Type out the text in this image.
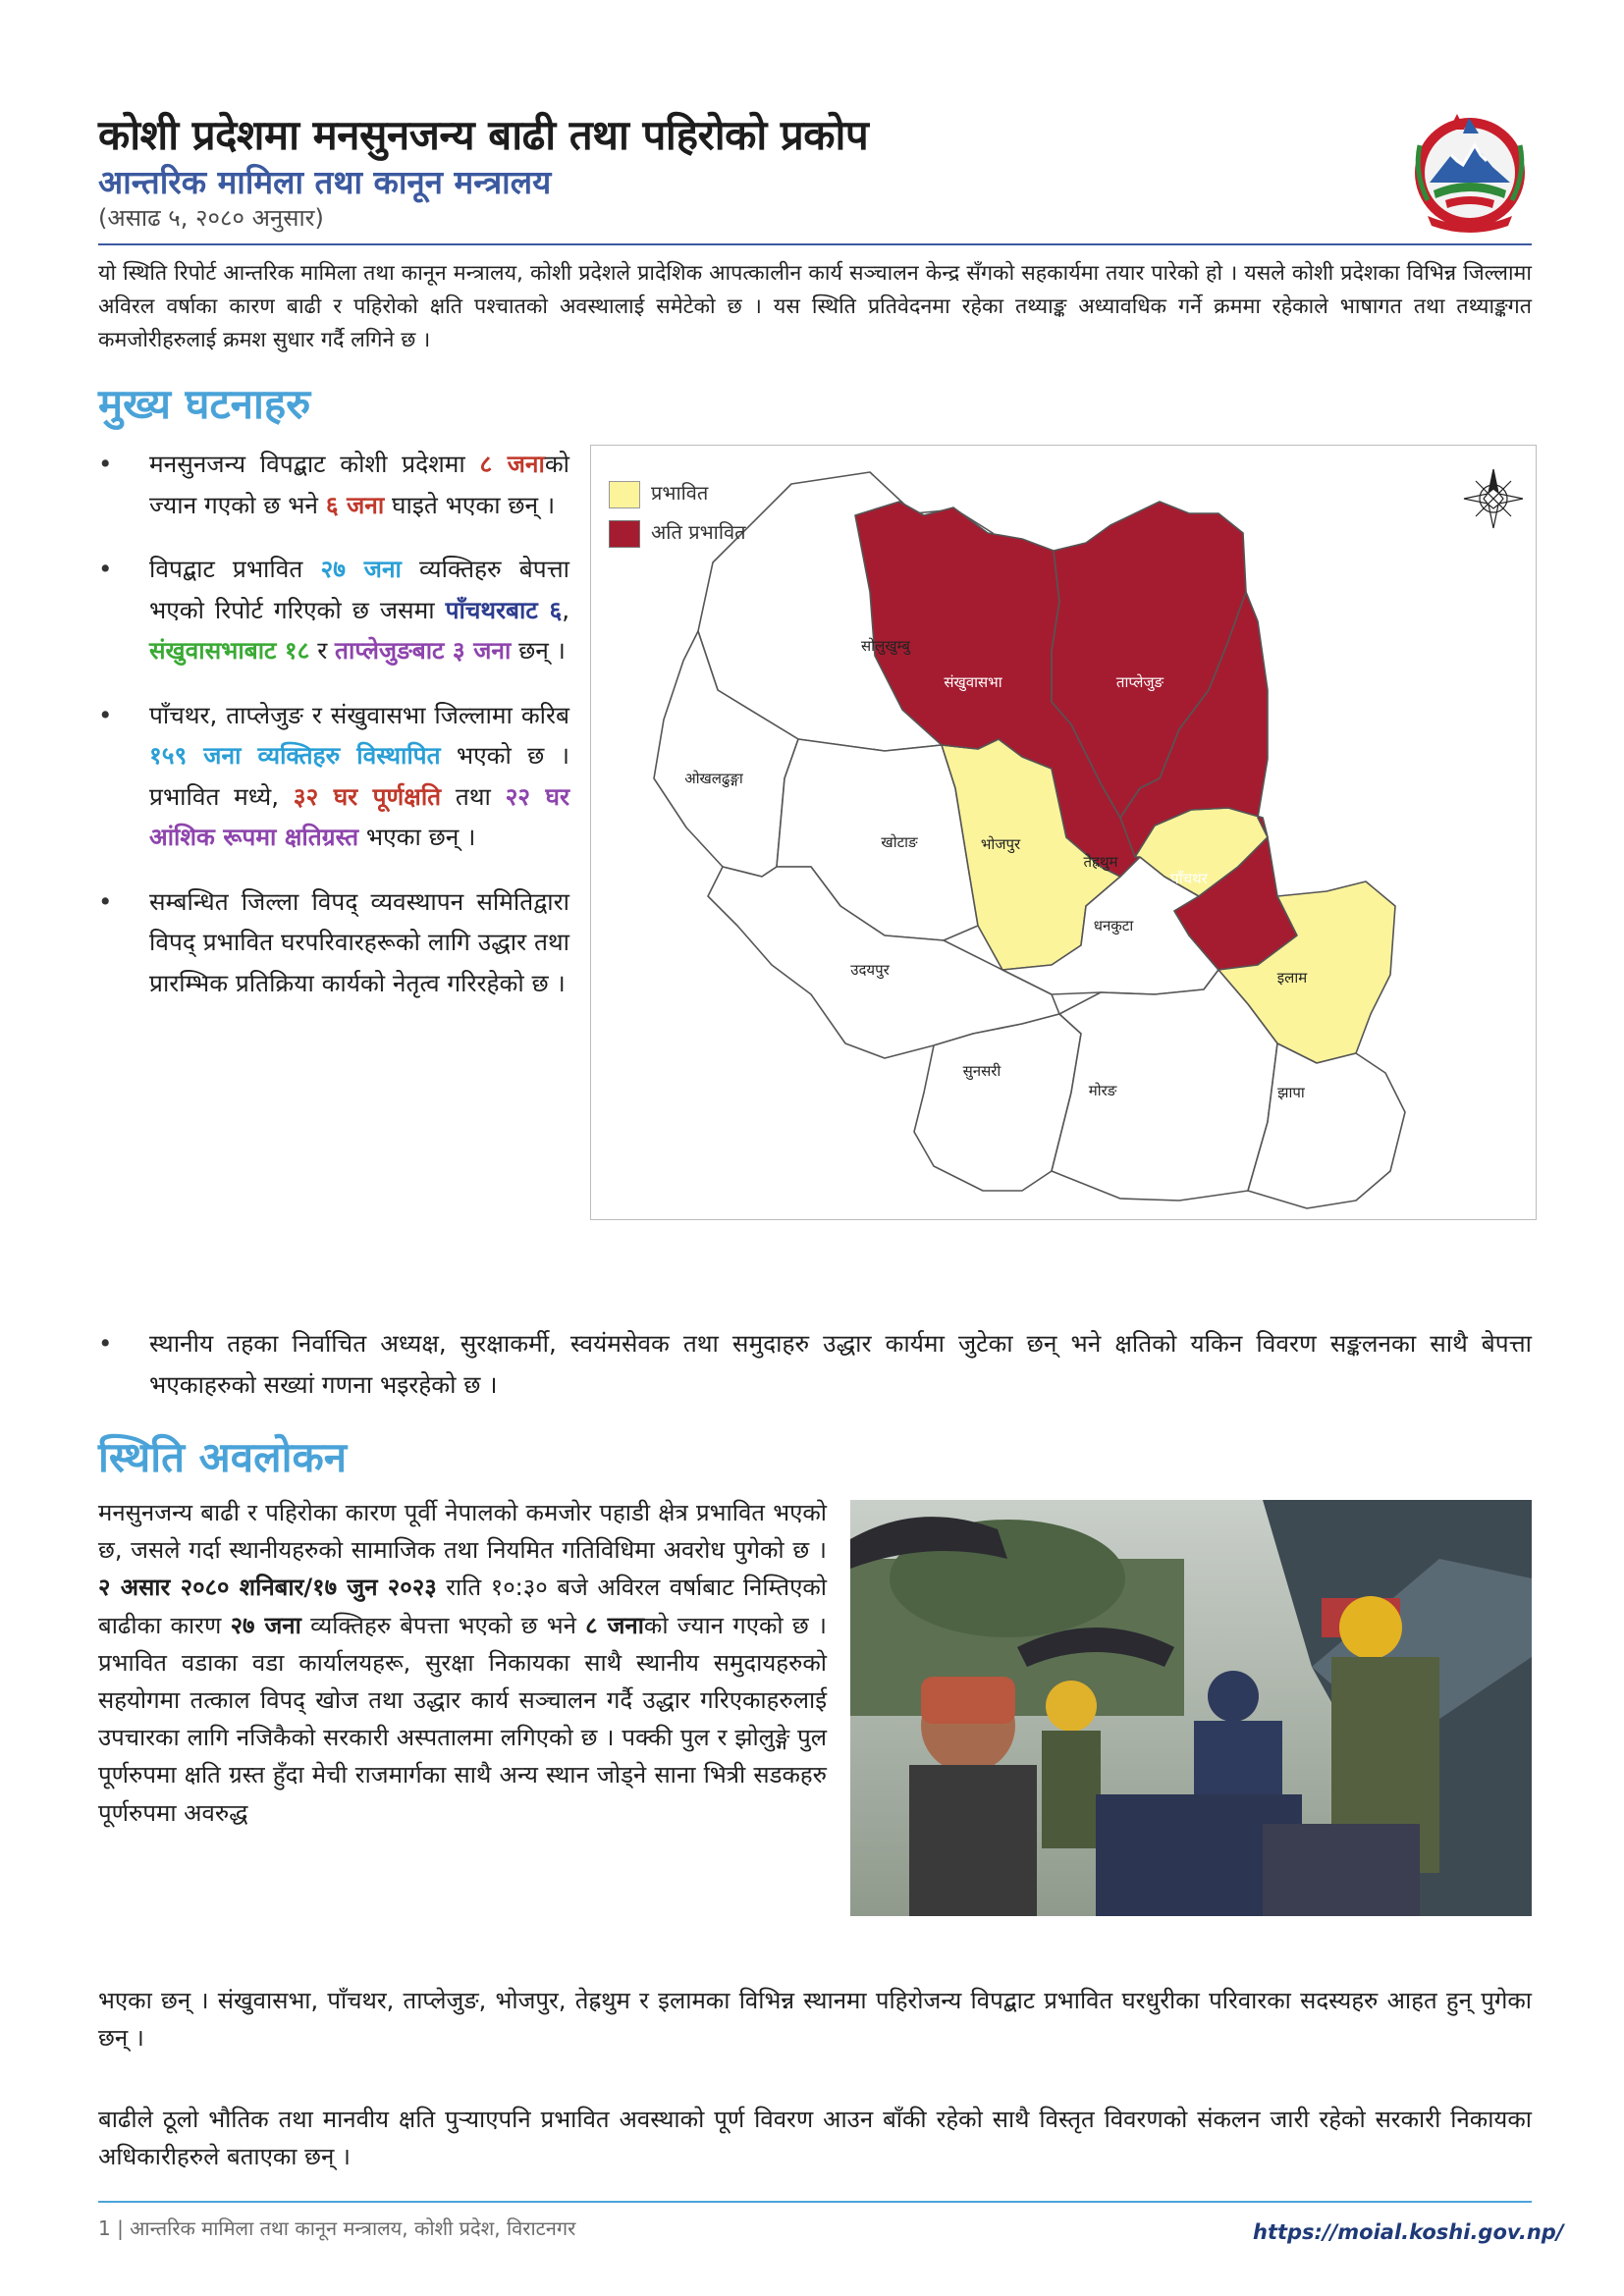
कोशी प्रदेशमा मनसुनजन्य बाढी तथा पहिरोको प्रकोप
आन्तरिक मामिला तथा कानून मन्त्रालय
(असाढ ५, २०८० अनुसार)

यो स्थिति रिपोर्ट आन्तरिक मामिला तथा कानून मन्त्रालय, कोशी प्रदेशले प्रादेशिक आपत्कालीन कार्य सञ्चालन केन्द्र सँगको सहकार्यमा तयार पारेको हो । यसले कोशी प्रदेशका विभिन्न जिल्लामा अविरल वर्षाका कारण बाढी र पहिरोको क्षति पश्चातको अवस्थालाई समेटेको छ । यस स्थिति प्रतिवेदनमा रहेका तथ्याङ्क अध्यावधिक गर्ने क्रममा रहेकाले भाषागत तथा तथ्याङ्कगत कमजोरीहरुलाई क्रमश सुधार गर्दै लगिने छ ।

मुख्य घटनाहरु
• मनसुनजन्य विपद्बाट कोशी प्रदेशमा ८ जनाको ज्यान गएको छ भने ६ जना घाइते भएका छन् ।
• विपद्बाट प्रभावित २७ जना व्यक्तिहरु बेपत्ता भएको रिपोर्ट गरिएको छ जसमा पाँचथरबाट ६, संखुवासभाबाट १८ र ताप्लेजुङबाट ३ जना छन् ।
• पाँचथर, ताप्लेजुङ र संखुवासभा जिल्लामा करिब १५९ जना व्यक्तिहरु विस्थापित भएको छ । प्रभावित मध्ये, ३२ घर पूर्णक्षति तथा २२ घर आंशिक रूपमा क्षतिग्रस्त भएका छन् ।
• सम्बन्धित जिल्ला विपद् व्यवस्थापन समितिद्वारा विपद् प्रभावित घरपरिवारहरूको लागि उद्धार तथा प्रारम्भिक प्रतिक्रिया कार्यको नेतृत्व गरिरहेको छ ।
• स्थानीय तहका निर्वाचित अध्यक्ष, सुरक्षाकर्मी, स्वयंमसेवक तथा समुदाहरु उद्धार कार्यमा जुटेका छन् भने क्षतिको यकिन विवरण सङ्कलनका साथै बेपत्ता भएकाहरुको सख्यां गणना भइरहेको छ ।
सोलुखुम्बु
ओखलढुङ्गा
खोटाङ	भोजपुर
धनकुटा
उदयपुर
तेह्रथुम
इलाम
सुनसरी
मोरङ	झापा
संखुवासभा	ताप्लेजुङ
पाँचथर
प्रभावित
अति प्रभावित
स्थिति अवलोकन

मनसुनजन्य बाढी र पहिरोका कारण पूर्वी नेपालको कमजोर पहाडी क्षेत्र प्रभावित भएको छ, जसले गर्दा स्थानीयहरुको सामाजिक तथा नियमित गतिविधिमा अवरोध पुगेको छ । २ असार २०८० शनिबार/१७ जुन २०२३ राति १०:३० बजे अविरल वर्षाबाट निम्तिएको बाढीका कारण २७ जना व्यक्तिहरु बेपत्ता भएको छ भने ८ जनाको ज्यान गएको छ । प्रभावित वडाका वडा कार्यालयहरू, सुरक्षा निकायका साथै स्थानीय समुदायहरुको सहयोगमा तत्काल विपद् खोज तथा उद्धार कार्य सञ्चालन गर्दै उद्धार गरिएकाहरुलाई उपचारका लागि नजिकैको सरकारी अस्पतालमा लगिएको छ । पक्की पुल र झोलुङ्गे पुल पूर्णरुपमा क्षति ग्रस्त हुँदा मेची राजमार्गका साथै अन्य स्थान जोड्ने साना भित्री सडकहरु पूर्णरुपमा अवरुद्ध

भएका छन् । संखुवासभा, पाँचथर, ताप्लेजुङ, भोजपुर, तेह्रथुम र इलामका विभिन्न स्थानमा पहिरोजन्य विपद्बाट प्रभावित घरधुरीका परिवारका सदस्यहरु आहत हुन् पुगेका छन् ।

बाढीले ठूलो भौतिक तथा मानवीय क्षति पुऱ्याएपनि प्रभावित अवस्थाको पूर्ण विवरण आउन बाँकी रहेको साथै विस्तृत विवरणको संकलन जारी रहेको सरकारी निकायका अधिकारीहरुले बताएका छन् ।

1 | आन्तरिक मामिला तथा कानून मन्त्रालय, कोशी प्रदेश, विराटनगर	https://moial.koshi.gov.np/
